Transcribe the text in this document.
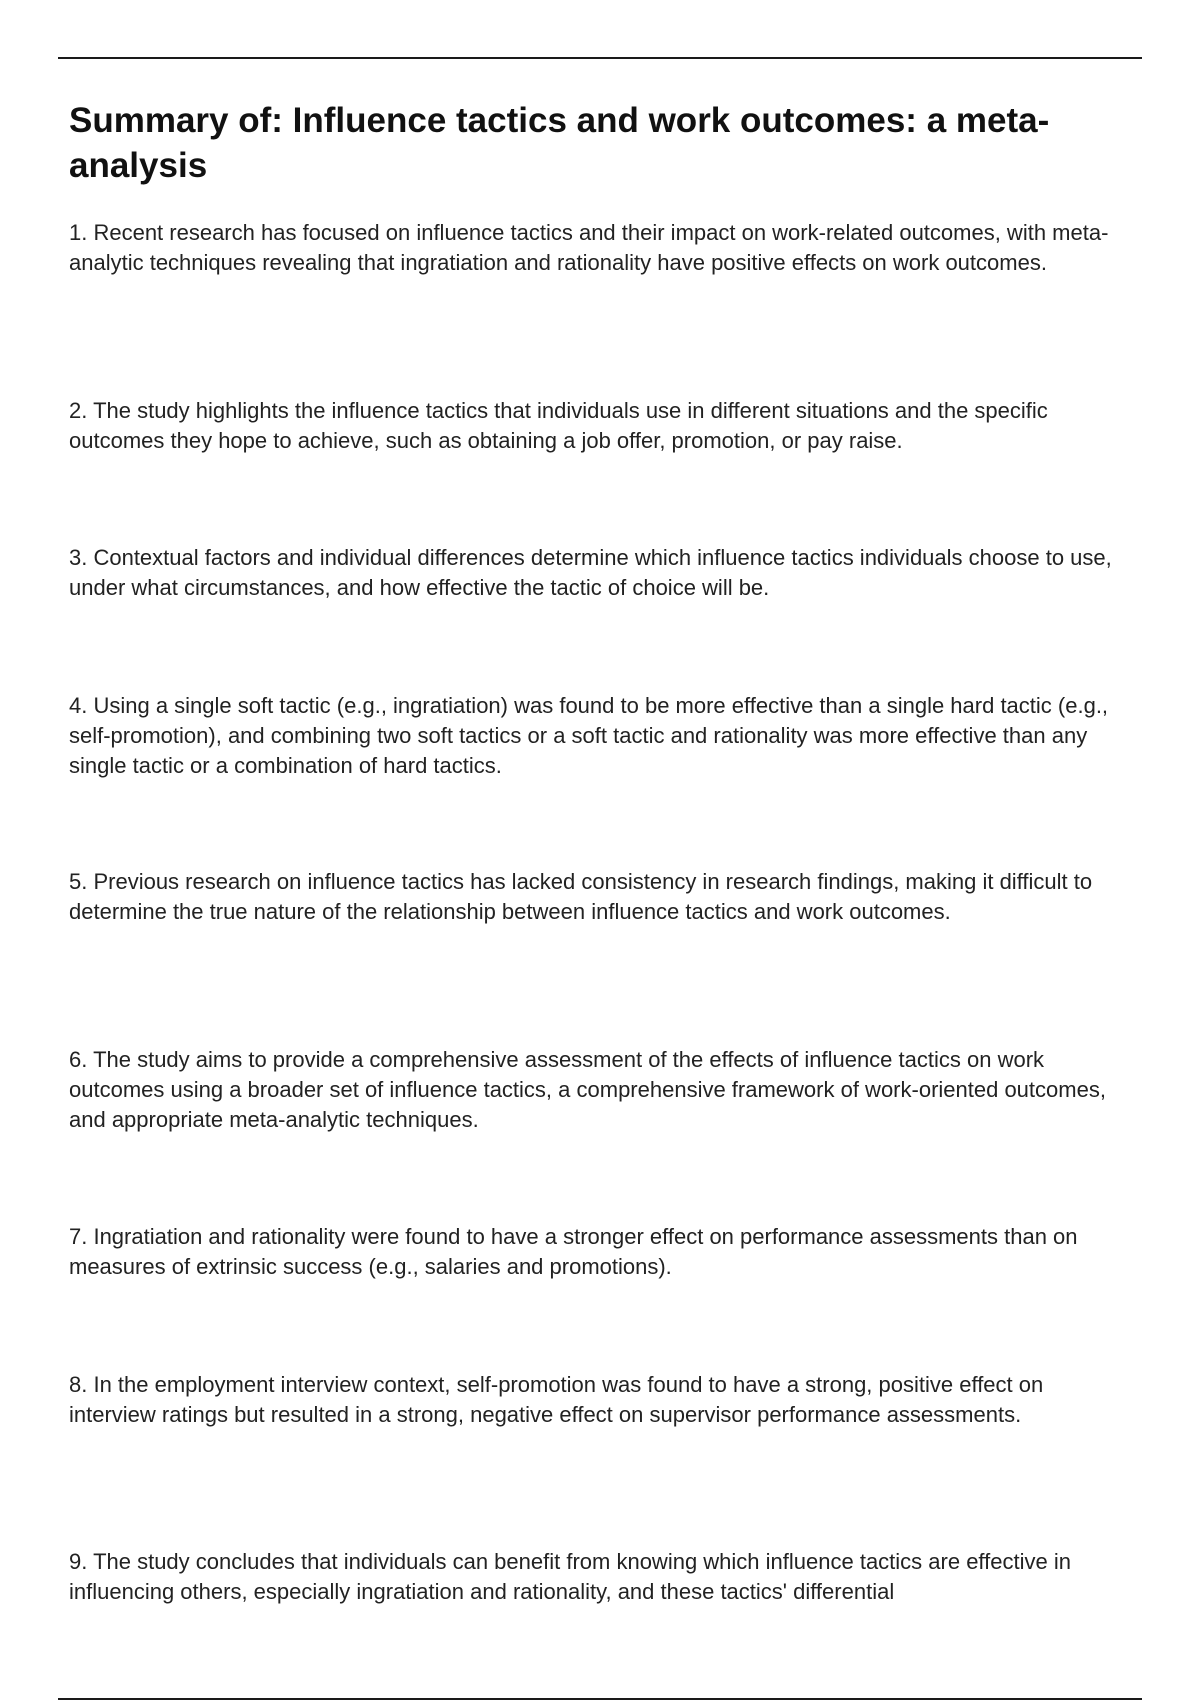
Summary of: Influence tactics and work outcomes: a meta-analysis

1. Recent research has focused on influence tactics and their impact on work-related outcomes, with meta-analytic techniques revealing that ingratiation and rationality have positive effects on work outcomes.

2. The study highlights the influence tactics that individuals use in different situations and the specific outcomes they hope to achieve, such as obtaining a job offer, promotion, or pay raise.

3. Contextual factors and individual differences determine which influence tactics individuals choose to use, under what circumstances, and how effective the tactic of choice will be.

4. Using a single soft tactic (e.g., ingratiation) was found to be more effective than a single hard tactic (e.g., self-promotion), and combining two soft tactics or a soft tactic and rationality was more effective than any single tactic or a combination of hard tactics.

5. Previous research on influence tactics has lacked consistency in research findings, making it difficult to determine the true nature of the relationship between influence tactics and work outcomes.

6. The study aims to provide a comprehensive assessment of the effects of influence tactics on work outcomes using a broader set of influence tactics, a comprehensive framework of work-oriented outcomes, and appropriate meta-analytic techniques.

7. Ingratiation and rationality were found to have a stronger effect on performance assessments than on measures of extrinsic success (e.g., salaries and promotions).

8. In the employment interview context, self-promotion was found to have a strong, positive effect on interview ratings but resulted in a strong, negative effect on supervisor performance assessments.

9. The study concludes that individuals can benefit from knowing which influence tactics are effective in influencing others, especially ingratiation and rationality, and these tactics' differential
